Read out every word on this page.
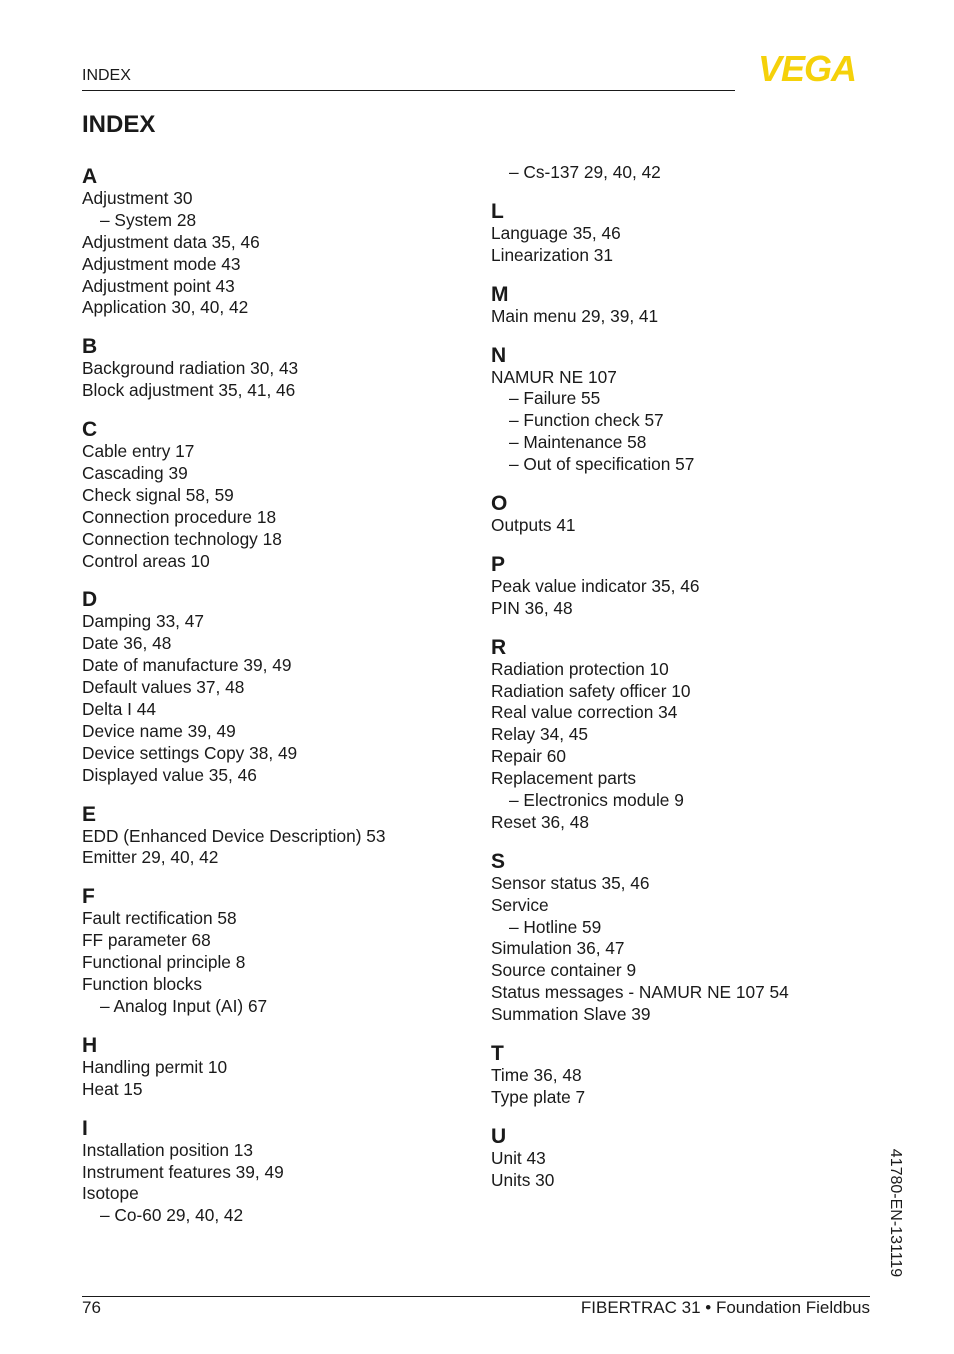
INDEX	VEGA
INDEX
A
Adjustment 30
– System 28
Adjustment data 35, 46
Adjustment mode 43
Adjustment point 43
Application 30, 40, 42
B
Background radiation 30, 43
Block adjustment 35, 41, 46
C
Cable entry 17
Cascading 39
Check signal 58, 59
Connection procedure 18
Connection technology 18
Control areas 10
D
Damping 33, 47
Date 36, 48
Date of manufacture 39, 49
Default values 37, 48
Delta I 44
Device name 39, 49
Device settings Copy 38, 49
Displayed value 35, 46
E
EDD (Enhanced Device Description) 53
Emitter 29, 40, 42
F
Fault rectification 58
FF parameter 68
Functional principle 8
Function blocks
– Analog Input (AI) 67
H
Handling permit 10
Heat 15
I
Installation position 13
Instrument features 39, 49
Isotope
– Co-60 29, 40, 42
– Cs-137 29, 40, 42
L
Language 35, 46
Linearization 31
M
Main menu 29, 39, 41
N
NAMUR NE 107
– Failure 55
– Function check 57
– Maintenance 58
– Out of specification 57
O
Outputs 41
P
Peak value indicator 35, 46
PIN 36, 48
R
Radiation protection 10
Radiation safety officer 10
Real value correction 34
Relay 34, 45
Repair 60
Replacement parts
– Electronics module 9
Reset 36, 48
S
Sensor status 35, 46
Service
– Hotline 59
Simulation 36, 47
Source container 9
Status messages - NAMUR NE 107 54
Summation Slave 39
T
Time 36, 48
Type plate 7
U
Unit 43
Units 30
76	FIBERTRAC 31 • Foundation Fieldbus
41780-EN-131119
